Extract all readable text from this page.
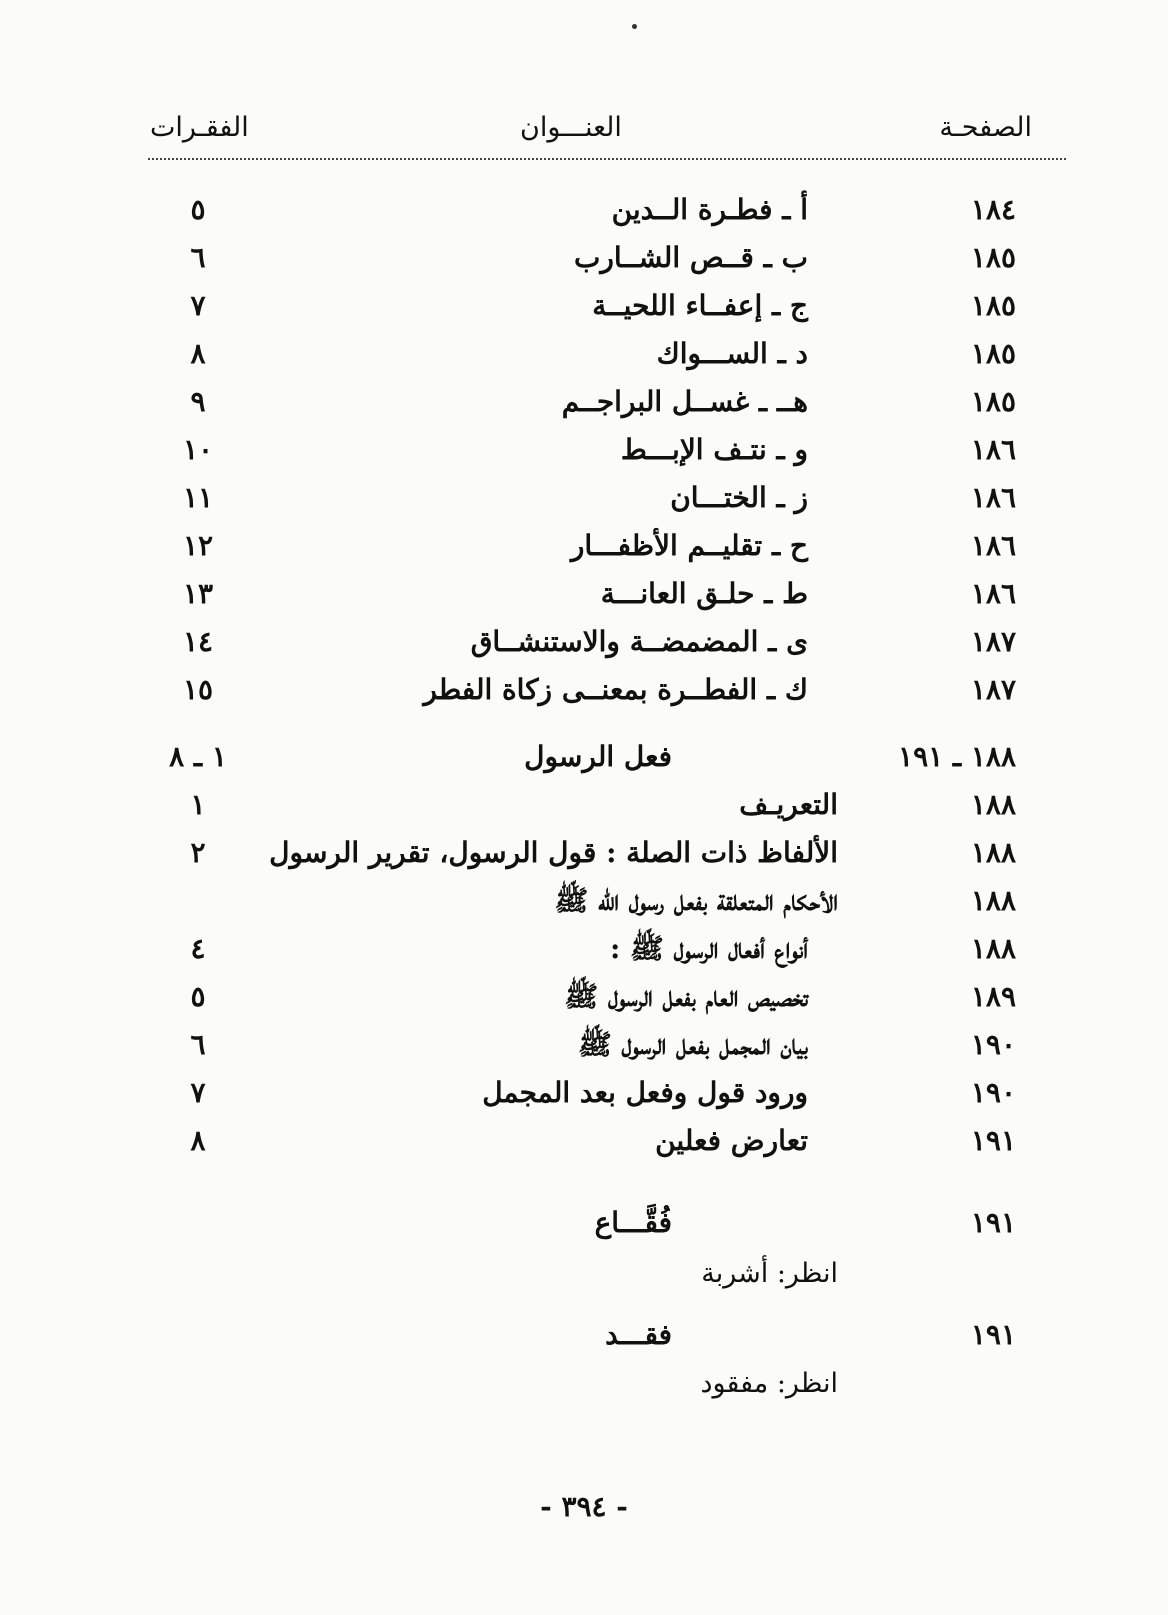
الصفحـة
العنـــوان
الفقـرات
١٨٤
أ ـ فطـرة الــدين
٥
١٨٥
ب ـ قــص الشــارب
٦
١٨٥
ج ـ إعفــاء اللحيــة
٧
١٨٥
د ـ الســـواك
٨
١٨٥
هــ ـ غســل البراجــم
٩
١٨٦
و ـ نتـف الإبـــط
١٠
١٨٦
ز ـ الختـــان
١١
١٨٦
ح ـ تقليــم الأظفـــار
١٢
١٨٦
ط ـ حلـق العانـــة
١٣
١٨٧
ى ـ المضمضــة والاستنشــاق
١٤
١٨٧
ك ـ الفطــرة بمعنــى زكاة الفطر
١٥
١٨٨ ـ ١٩١
فعل الرسول
١ ـ ٨
١٨٨
التعريـف
١
١٨٨
الألفاظ ذات الصلة : قول الرسول، تقرير الرسول
٢
١٨٨
الأحكام المتعلقة بفعل رسول الله ﷺ
١٨٨
أنواع أفعال الرسول ﷺ :
٤
١٨٩
تخصيص العام بفعل الرسول ﷺ
٥
١٩٠
بيان المجمل بفعل الرسول ﷺ
٦
١٩٠
ورود قول وفعل بعد المجمل
٧
١٩١
تعارض فعلين
٨
١٩١
فُقَّـــاع
انظر: أشربة
١٩١
فقـــد
انظر: مفقود
- ٣٩٤ -
